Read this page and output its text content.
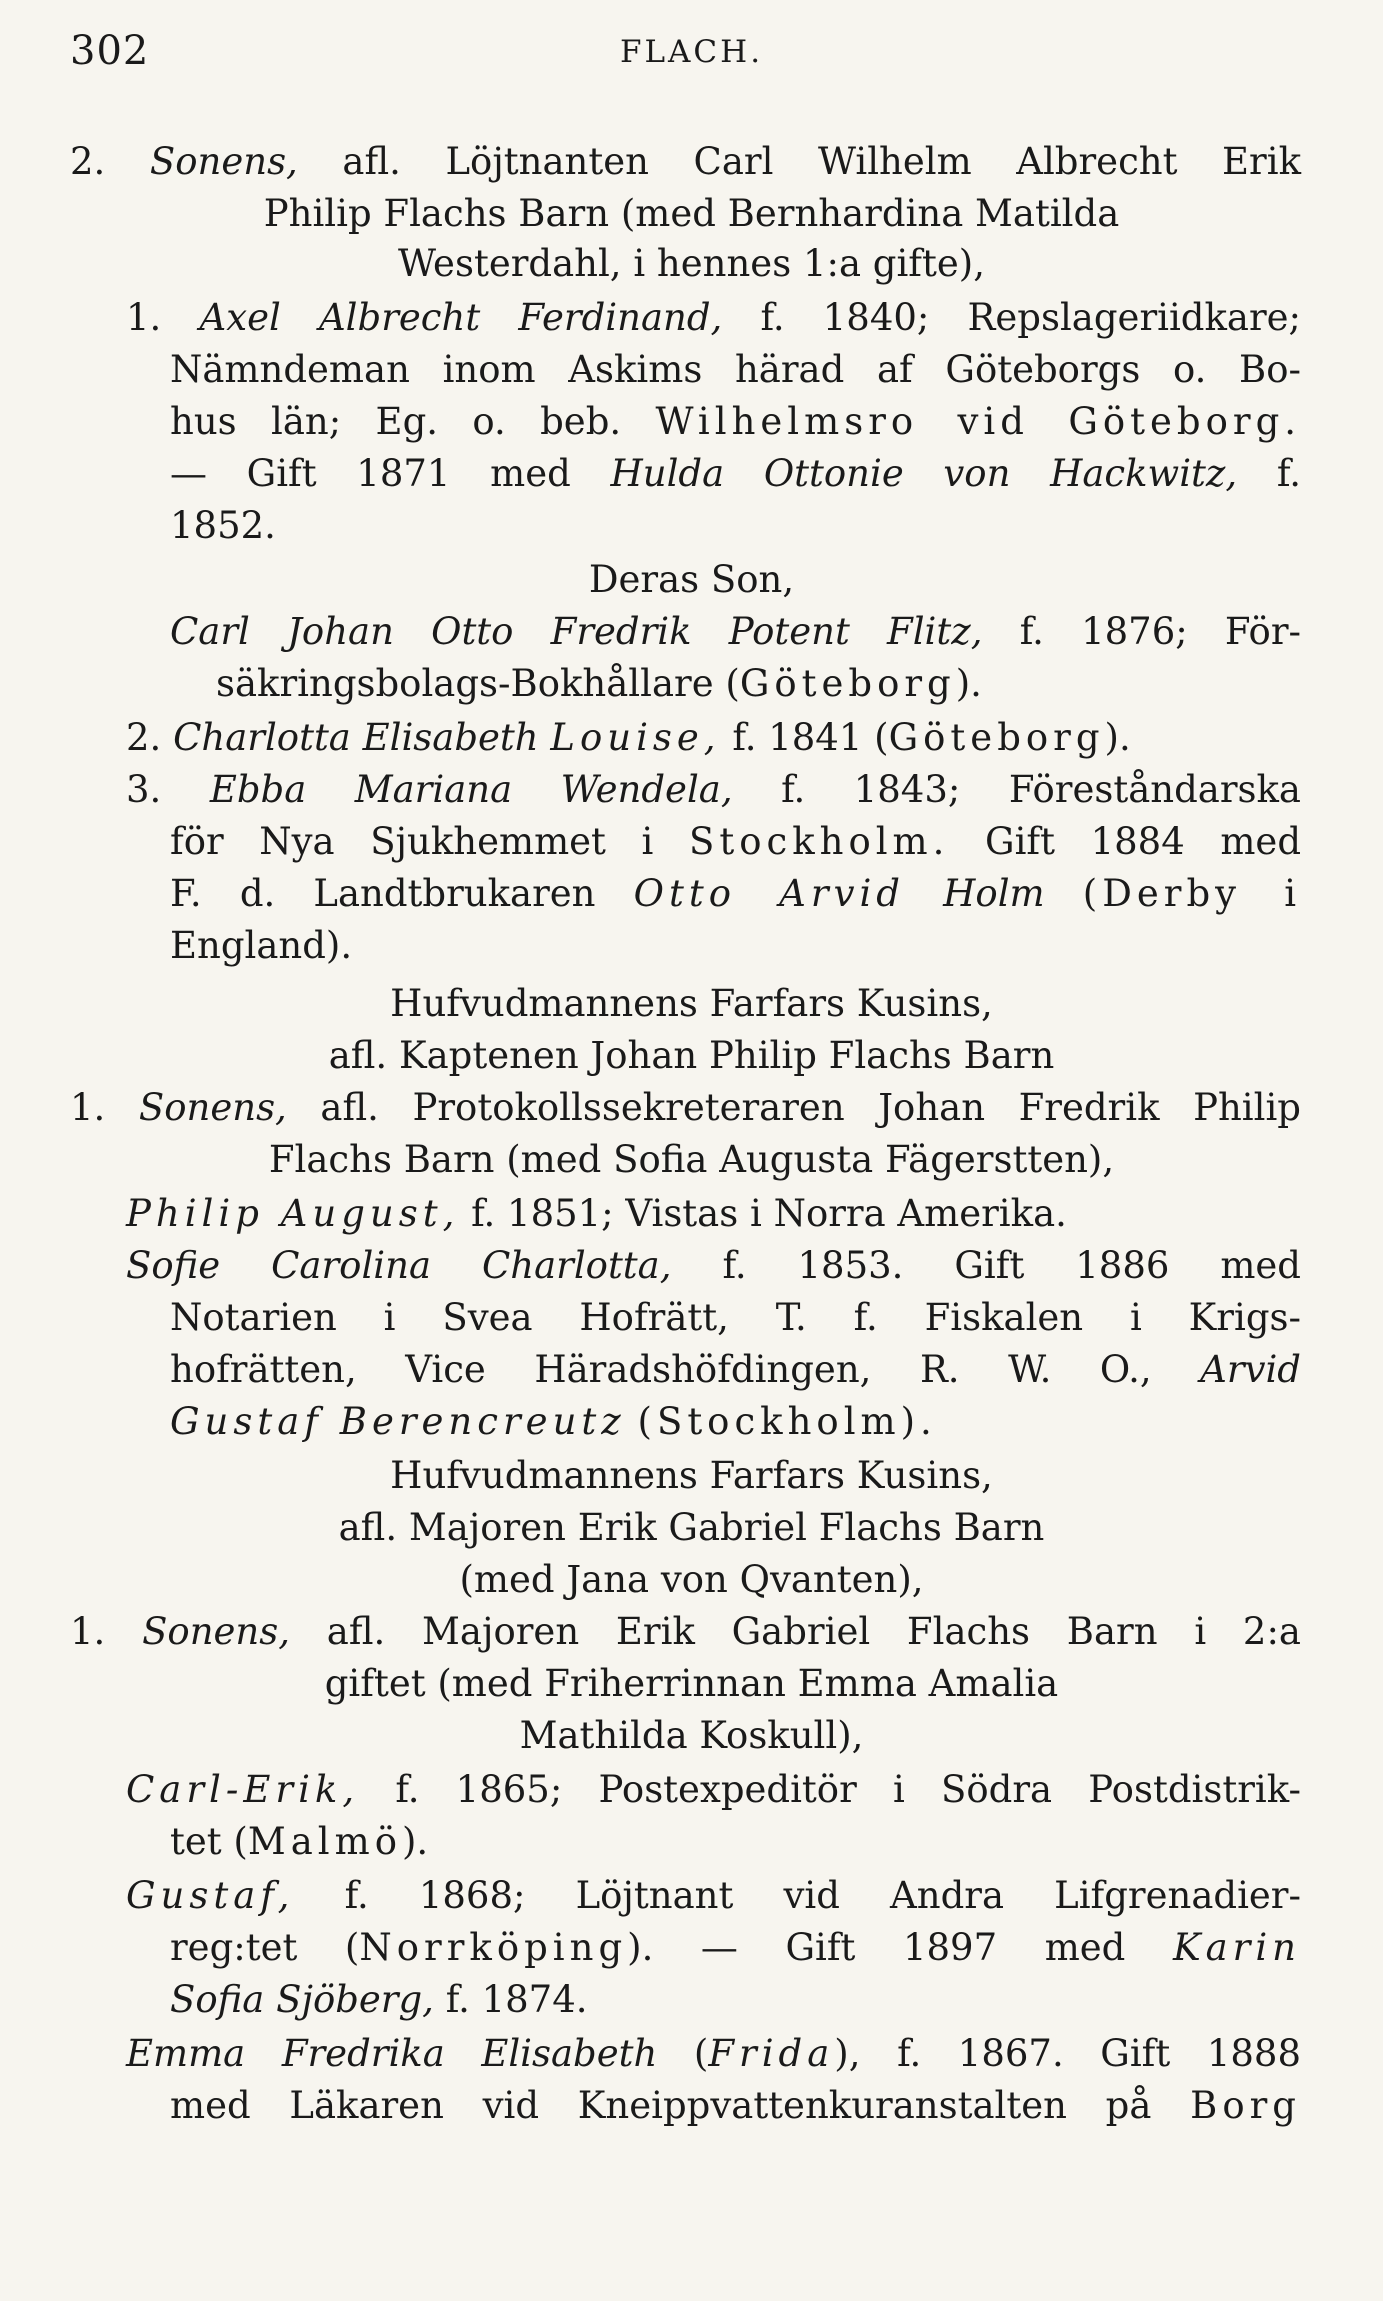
302	FLACH.
2. Sonens, afl. Löjtnanten Carl Wilhelm Albrecht Erik
Philip Flachs Barn (med Bernhardina Matilda
Westerdahl, i hennes 1:a gifte),
1. Axel Albrecht Ferdinand, f. 1840; Repslageriidkare;
Nämndeman inom Askims härad af Göteborgs o. Bo-
hus län; Eg. o. beb. Wilhelmsro vid Göteborg.
— Gift 1871 med Hulda Ottonie von Hackwitz, f.
1852.
Deras Son,
Carl Johan Otto Fredrik Potent Flitz, f. 1876; För-
säkringsbolags-Bokhållare (Göteborg).
2. Charlotta Elisabeth Louise, f. 1841 (Göteborg).
3. Ebba Mariana Wendela, f. 1843; Föreståndarska
för Nya Sjukhemmet i Stockholm. Gift 1884 med
F. d. Landtbrukaren Otto Arvid Holm (Derby i
England).
Hufvudmannens Farfars Kusins,
afl. Kaptenen Johan Philip Flachs Barn
1. Sonens, afl. Protokollssekreteraren Johan Fredrik Philip
Flachs Barn (med Sofia Augusta Fägerstten),
Philip August, f. 1851; Vistas i Norra Amerika.
Sofie Carolina Charlotta, f. 1853. Gift 1886 med
Notarien i Svea Hofrätt, T. f. Fiskalen i Krigs-
hofrätten, Vice Häradshöfdingen, R. W. O., Arvid
Gustaf Berencreutz (Stockholm).
Hufvudmannens Farfars Kusins,
afl. Majoren Erik Gabriel Flachs Barn
(med Jana von Qvanten),
1. Sonens, afl. Majoren Erik Gabriel Flachs Barn i 2:a
giftet (med Friherrinnan Emma Amalia
Mathilda Koskull),
Carl-Erik, f. 1865; Postexpeditör i Södra Postdistrik-
tet (Malmö).
Gustaf, f. 1868; Löjtnant vid Andra Lifgrenadier-
reg:tet (Norrköping). — Gift 1897 med Karin
Sofia Sjöberg, f. 1874.
Emma Fredrika Elisabeth (Frida), f. 1867. Gift 1888
med Läkaren vid Kneippvattenkuranstalten på Borg
